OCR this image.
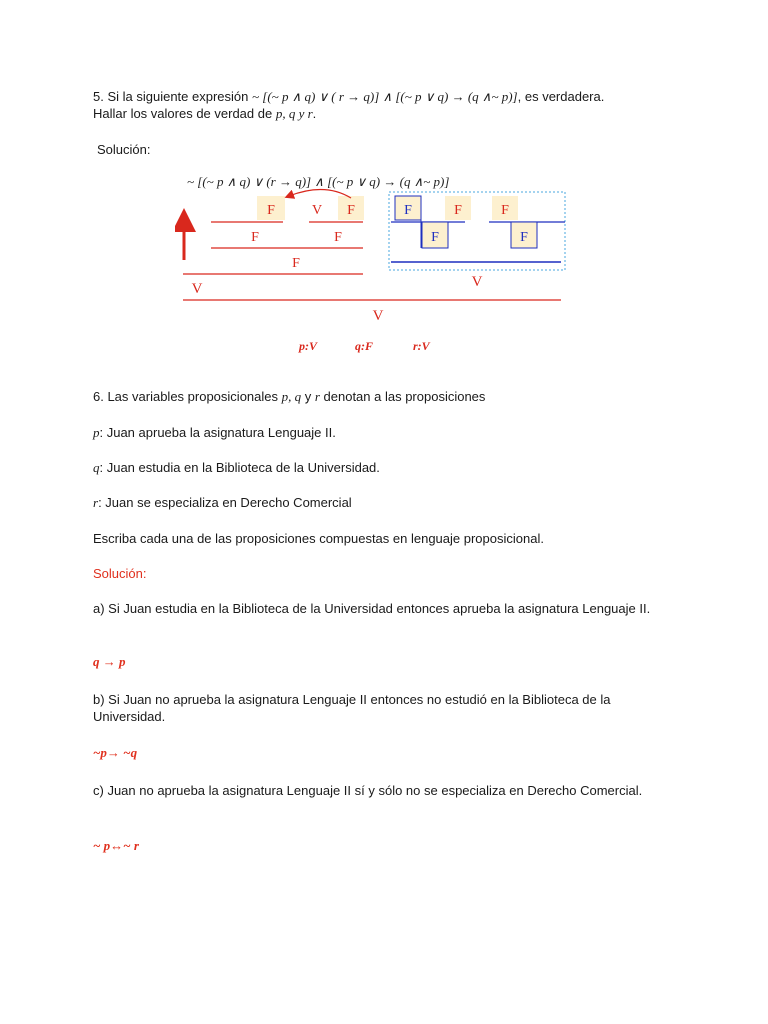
5. Si la siguiente expresión ~ [(~ p ∧ q) ∨ ( r → q)] ∧ [(~ p ∨ q) → (q ∧~ p)], es verdadera.
Hallar los valores de verdad de p, q y r.
Solución:
~ [(~ p ∧ q) ∨ (r → q)] ∧ [(~ p ∨ q) → (q ∧~ p)]
F	V F
F	F
F
V
F	F	F
F	F
V
V
p:V	q:F	r:V
6. Las variables proposicionales p, q y r denotan a las proposiciones
p: Juan aprueba la asignatura Lenguaje II.
q: Juan estudia en la Biblioteca de la Universidad.
r: Juan se especializa en Derecho Comercial
Escriba cada una de las proposiciones compuestas en lenguaje proposicional.
Solución:
a) Si Juan estudia en la Biblioteca de la Universidad entonces aprueba la asignatura Lenguaje II.
q → p
b) Si Juan no aprueba la asignatura Lenguaje II entonces no estudió en la Biblioteca de la Universidad.
~p→ ~q
c) Juan no aprueba la asignatura Lenguaje II sí y sólo no se especializa en Derecho Comercial.
~ p↔~ r
